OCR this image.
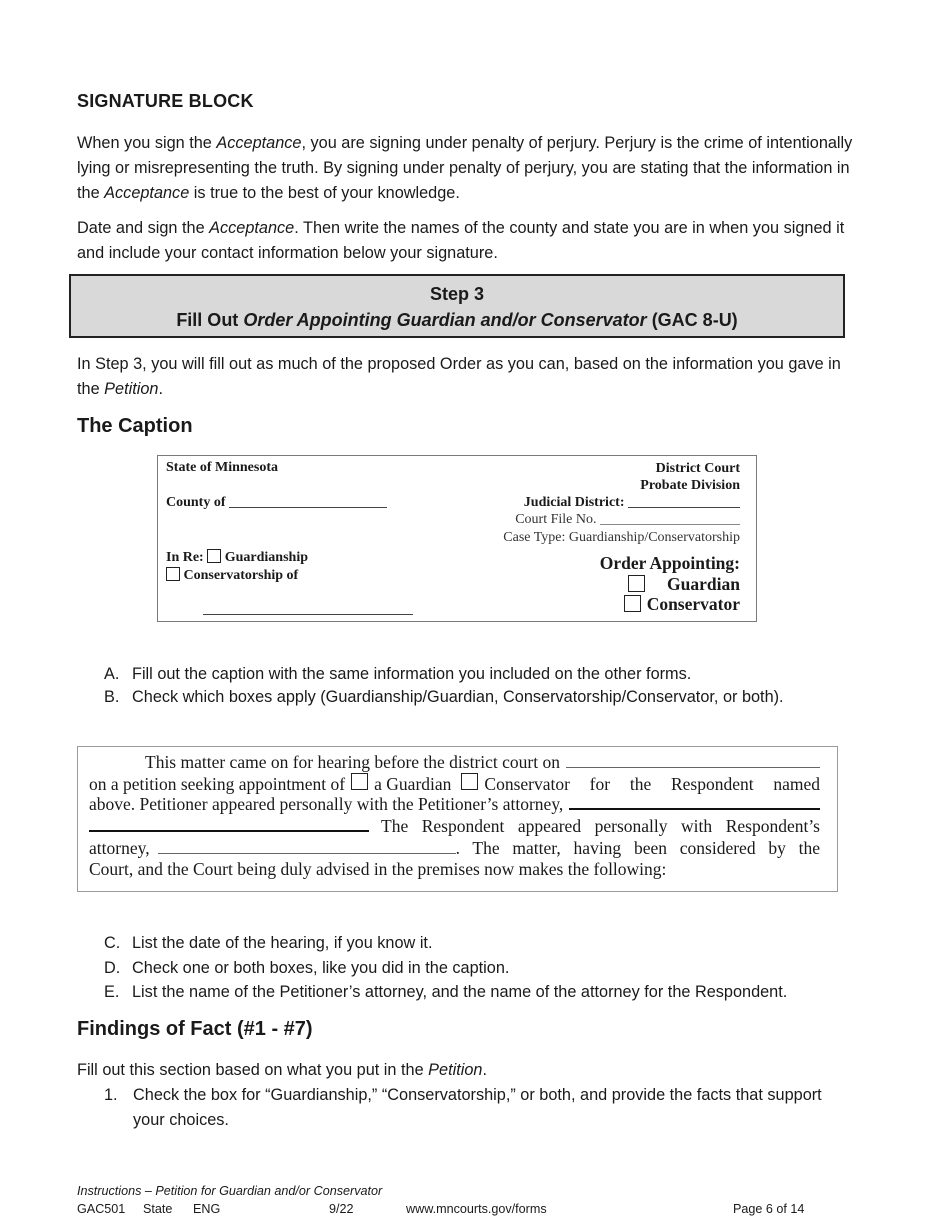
SIGNATURE BLOCK
When you sign the Acceptance, you are signing under penalty of perjury. Perjury is the crime of intentionally lying or misrepresenting the truth. By signing under penalty of perjury, you are stating that the information in the Acceptance is true to the best of your knowledge.
Date and sign the Acceptance. Then write the names of the county and state you are in when you signed it and include your contact information below your signature.
Step 3
Fill Out Order Appointing Guardian and/or Conservator (GAC 8-U)
In Step 3, you will fill out as much of the proposed Order as you can, based on the information you gave in the Petition.
The Caption
State of Minnesota
County of
In Re: Guardianship
Conservatorship of
District Court
Probate Division
Judicial District:
Court File No.
Case Type: Guardianship/Conservatorship
Order Appointing:
Guardian
Conservator
A. Fill out the caption with the same information you included on the other forms.
B. Check which boxes apply (Guardianship/Guardian, Conservatorship/Conservator, or both).
This matter came on for hearing before the district court on
on a petition seeking appointment of a Guardian Conservator for the Respondent named
above. Petitioner appeared personally with the Petitioner’s attorney,
The Respondent appeared personally with Respondent’s
attorney,	. The matter, having been considered by the
Court, and the Court being duly advised in the premises now makes the following:
C. List the date of the hearing, if you know it.
D. Check one or both boxes, like you did in the caption.
E. List the name of the Petitioner’s attorney, and the name of the attorney for the Respondent.
Findings of Fact (#1 - #7)
Fill out this section based on what you put in the Petition.
1. Check the box for “Guardianship,” “Conservatorship,” or both, and provide the facts that support your choices.
Instructions – Petition for Guardian and/or Conservator
GAC501 State ENG	9/22	www.mncourts.gov/forms	Page 6 of 14
